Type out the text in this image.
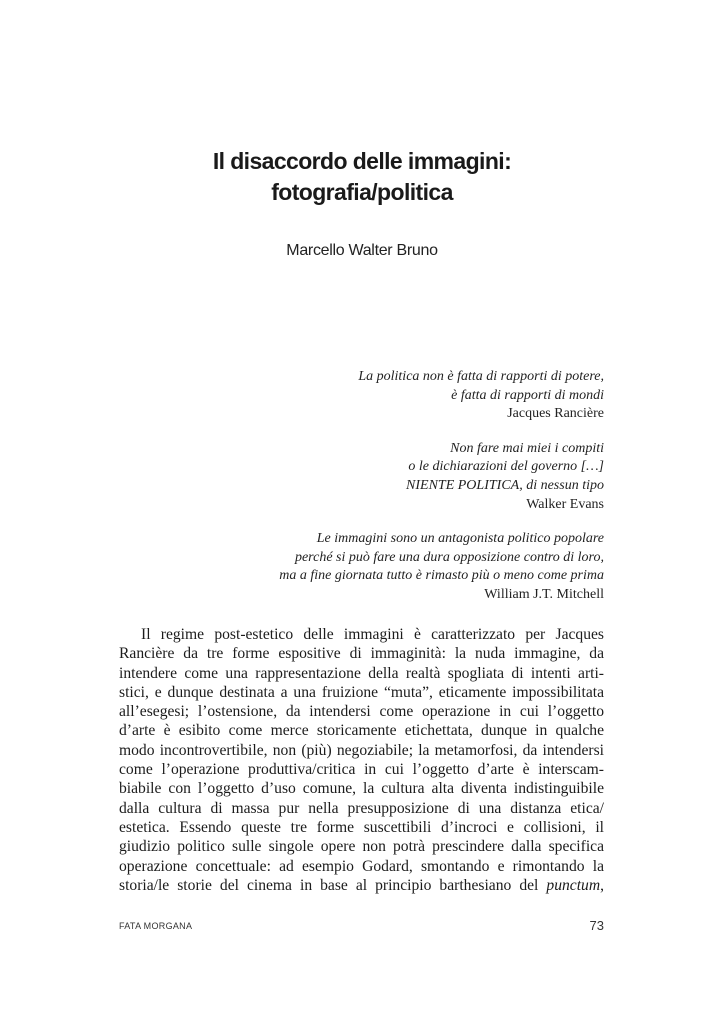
Il disaccordo delle immagini:
fotografia/politica
Marcello Walter Bruno
La politica non è fatta di rapporti di potere,
è fatta di rapporti di mondi
Jacques Rancière
Non fare mai miei i compiti
o le dichiarazioni del governo […]
NIENTE POLITICA, di nessun tipo
Walker Evans
Le immagini sono un antagonista politico popolare
perché si può fare una dura opposizione contro di loro,
ma a fine giornata tutto è rimasto più o meno come prima
William J.T. Mitchell
Il regime post-estetico delle immagini è caratterizzato per Jacques
Rancière da tre forme espositive di immaginità: la nuda immagine, da
intendere come una rappresentazione della realtà spogliata di intenti arti-
stici, e dunque destinata a una fruizione “muta”, eticamente impossibilitata
all’esegesi; l’ostensione, da intendersi come operazione in cui l’oggetto
d’arte è esibito come merce storicamente etichettata, dunque in qualche
modo incontrovertibile, non (più) negoziabile; la metamorfosi, da intendersi
come l’operazione produttiva/critica in cui l’oggetto d’arte è interscam-
biabile con l’oggetto d’uso comune, la cultura alta diventa indistinguibile
dalla cultura di massa pur nella presupposizione di una distanza etica/
estetica. Essendo queste tre forme suscettibili d’incroci e collisioni, il
giudizio politico sulle singole opere non potrà prescindere dalla specifica
operazione concettuale: ad esempio Godard, smontando e rimontando la
storia/le storie del cinema in base al principio barthesiano del punctum,
FATA MORGANA	73
